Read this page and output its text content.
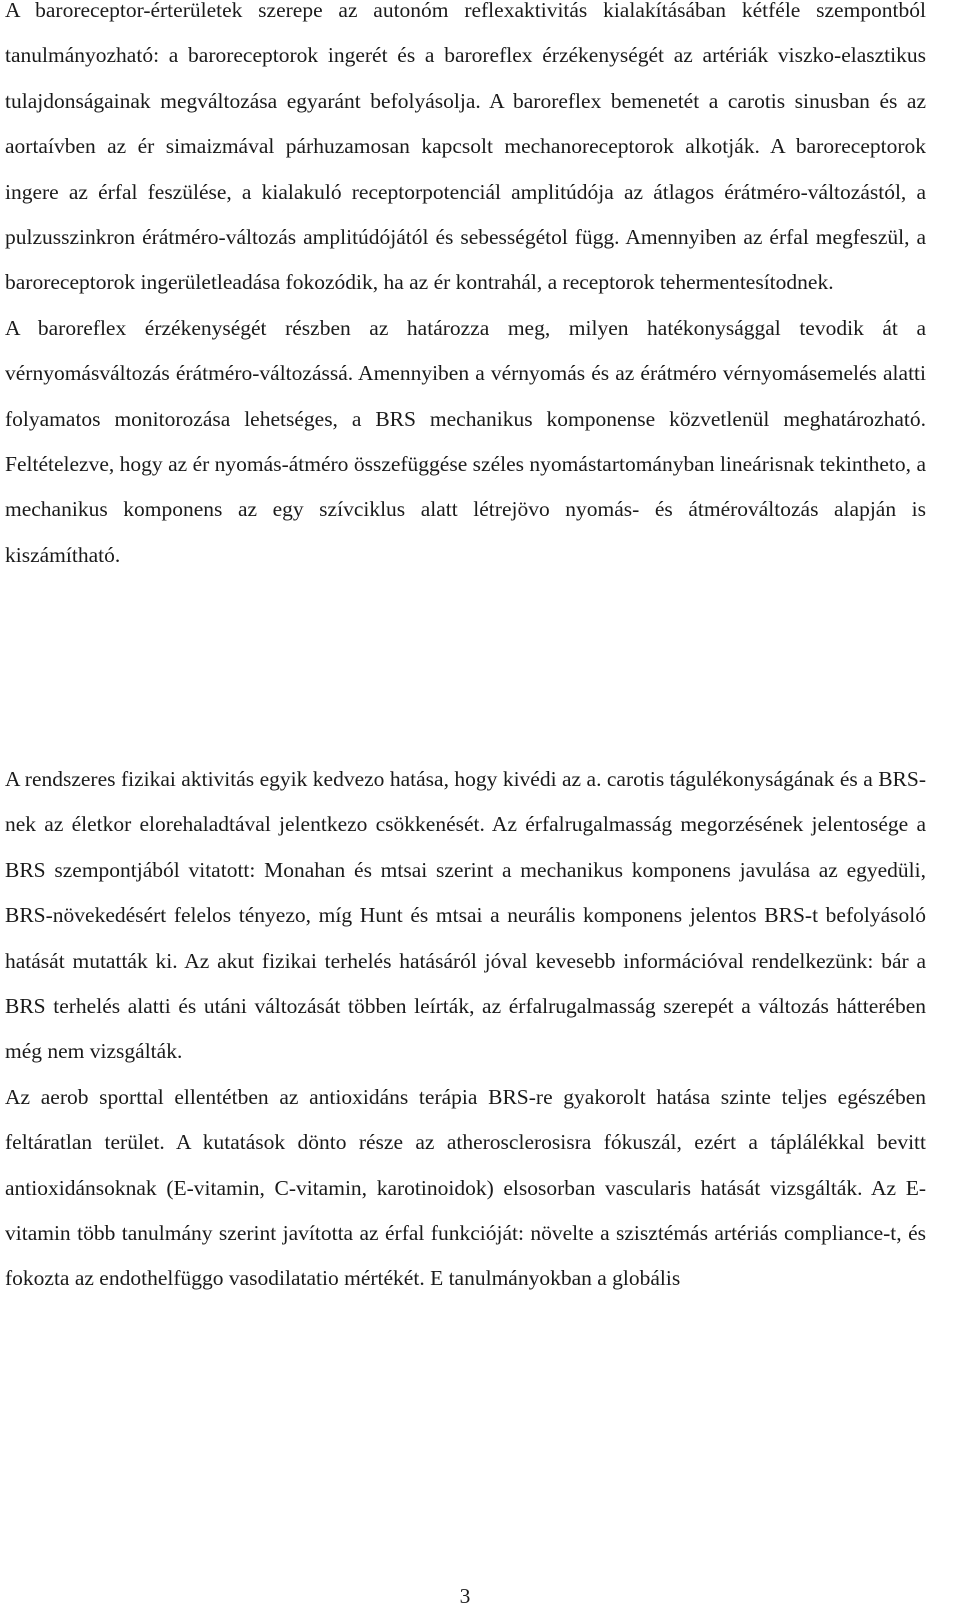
A baroreceptor-érterületek szerepe az autonóm reflexaktivitás kialakításában kétféle szempontból tanulmányozható: a baroreceptorok ingerét és a baroreflex érzékenységét az artériák viszko-elasztikus tulajdonságainak megváltozása egyaránt befolyásolja. A baroreflex bemenetét a carotis sinusban és az aortaívben az ér simaizmával párhuzamosan kapcsolt mechanoreceptorok alkotják. A baroreceptorok ingere az érfal feszülése, a kialakuló receptorpotenciál amplitúdója az átlagos érátméro-változástól, a pulzusszinkron érátméro-változás amplitúdójától és sebességétol függ. Amennyiben az érfal megfeszül, a baroreceptorok ingerületleadása fokozódik, ha az ér kontrahál, a receptorok tehermentesítodnek.

A baroreflex érzékenységét részben az határozza meg, milyen hatékonysággal tevodik át a vérnyomásváltozás érátméro-változássá. Amennyiben a vérnyomás és az érátméro vérnyomásemelés alatti folyamatos monitorozása lehetséges, a BRS mechanikus komponense közvetlenül meghatározható. Feltételezve, hogy az ér nyomás-átméro összefüggése széles nyomástartományban lineárisnak tekintheto, a mechanikus komponens az egy szívciklus alatt létrejövo nyomás- és átmérováltozás alapján is kiszámítható.

A rendszeres fizikai aktivitás egyik kedvezo hatása, hogy kivédi az a. carotis tágulékonyságának és a BRS-nek az életkor elorehaladtával jelentkezo csökkenését. Az érfalrugalmasság megorzésének jelentosége a BRS szempontjából vitatott: Monahan és mtsai szerint a mechanikus komponens javulása az egyedüli, BRS-növekedésért felelos tényezo, míg Hunt és mtsai a neurális komponens jelentos BRS-t befolyásoló hatását mutatták ki. Az akut fizikai terhelés hatásáról jóval kevesebb információval rendelkezünk: bár a BRS terhelés alatti és utáni változását többen leírták, az érfalrugalmasság szerepét a változás hátterében még nem vizsgálták.

Az aerob sporttal ellentétben az antioxidáns terápia BRS-re gyakorolt hatása szinte teljes egészében feltáratlan terület. A kutatások dönto része az atherosclerosisra fókuszál, ezért a táplálékkal bevitt antioxidánsoknak (E-vitamin, C-vitamin, karotinoidok) elsosorban vascularis hatását vizsgálták. Az E-vitamin több tanulmány szerint javította az érfal funkcióját: növelte a szisztémás artériás compliance-t, és fokozta az endothelfüggo vasodilatatio mértékét. E tanulmányokban a globális

3
